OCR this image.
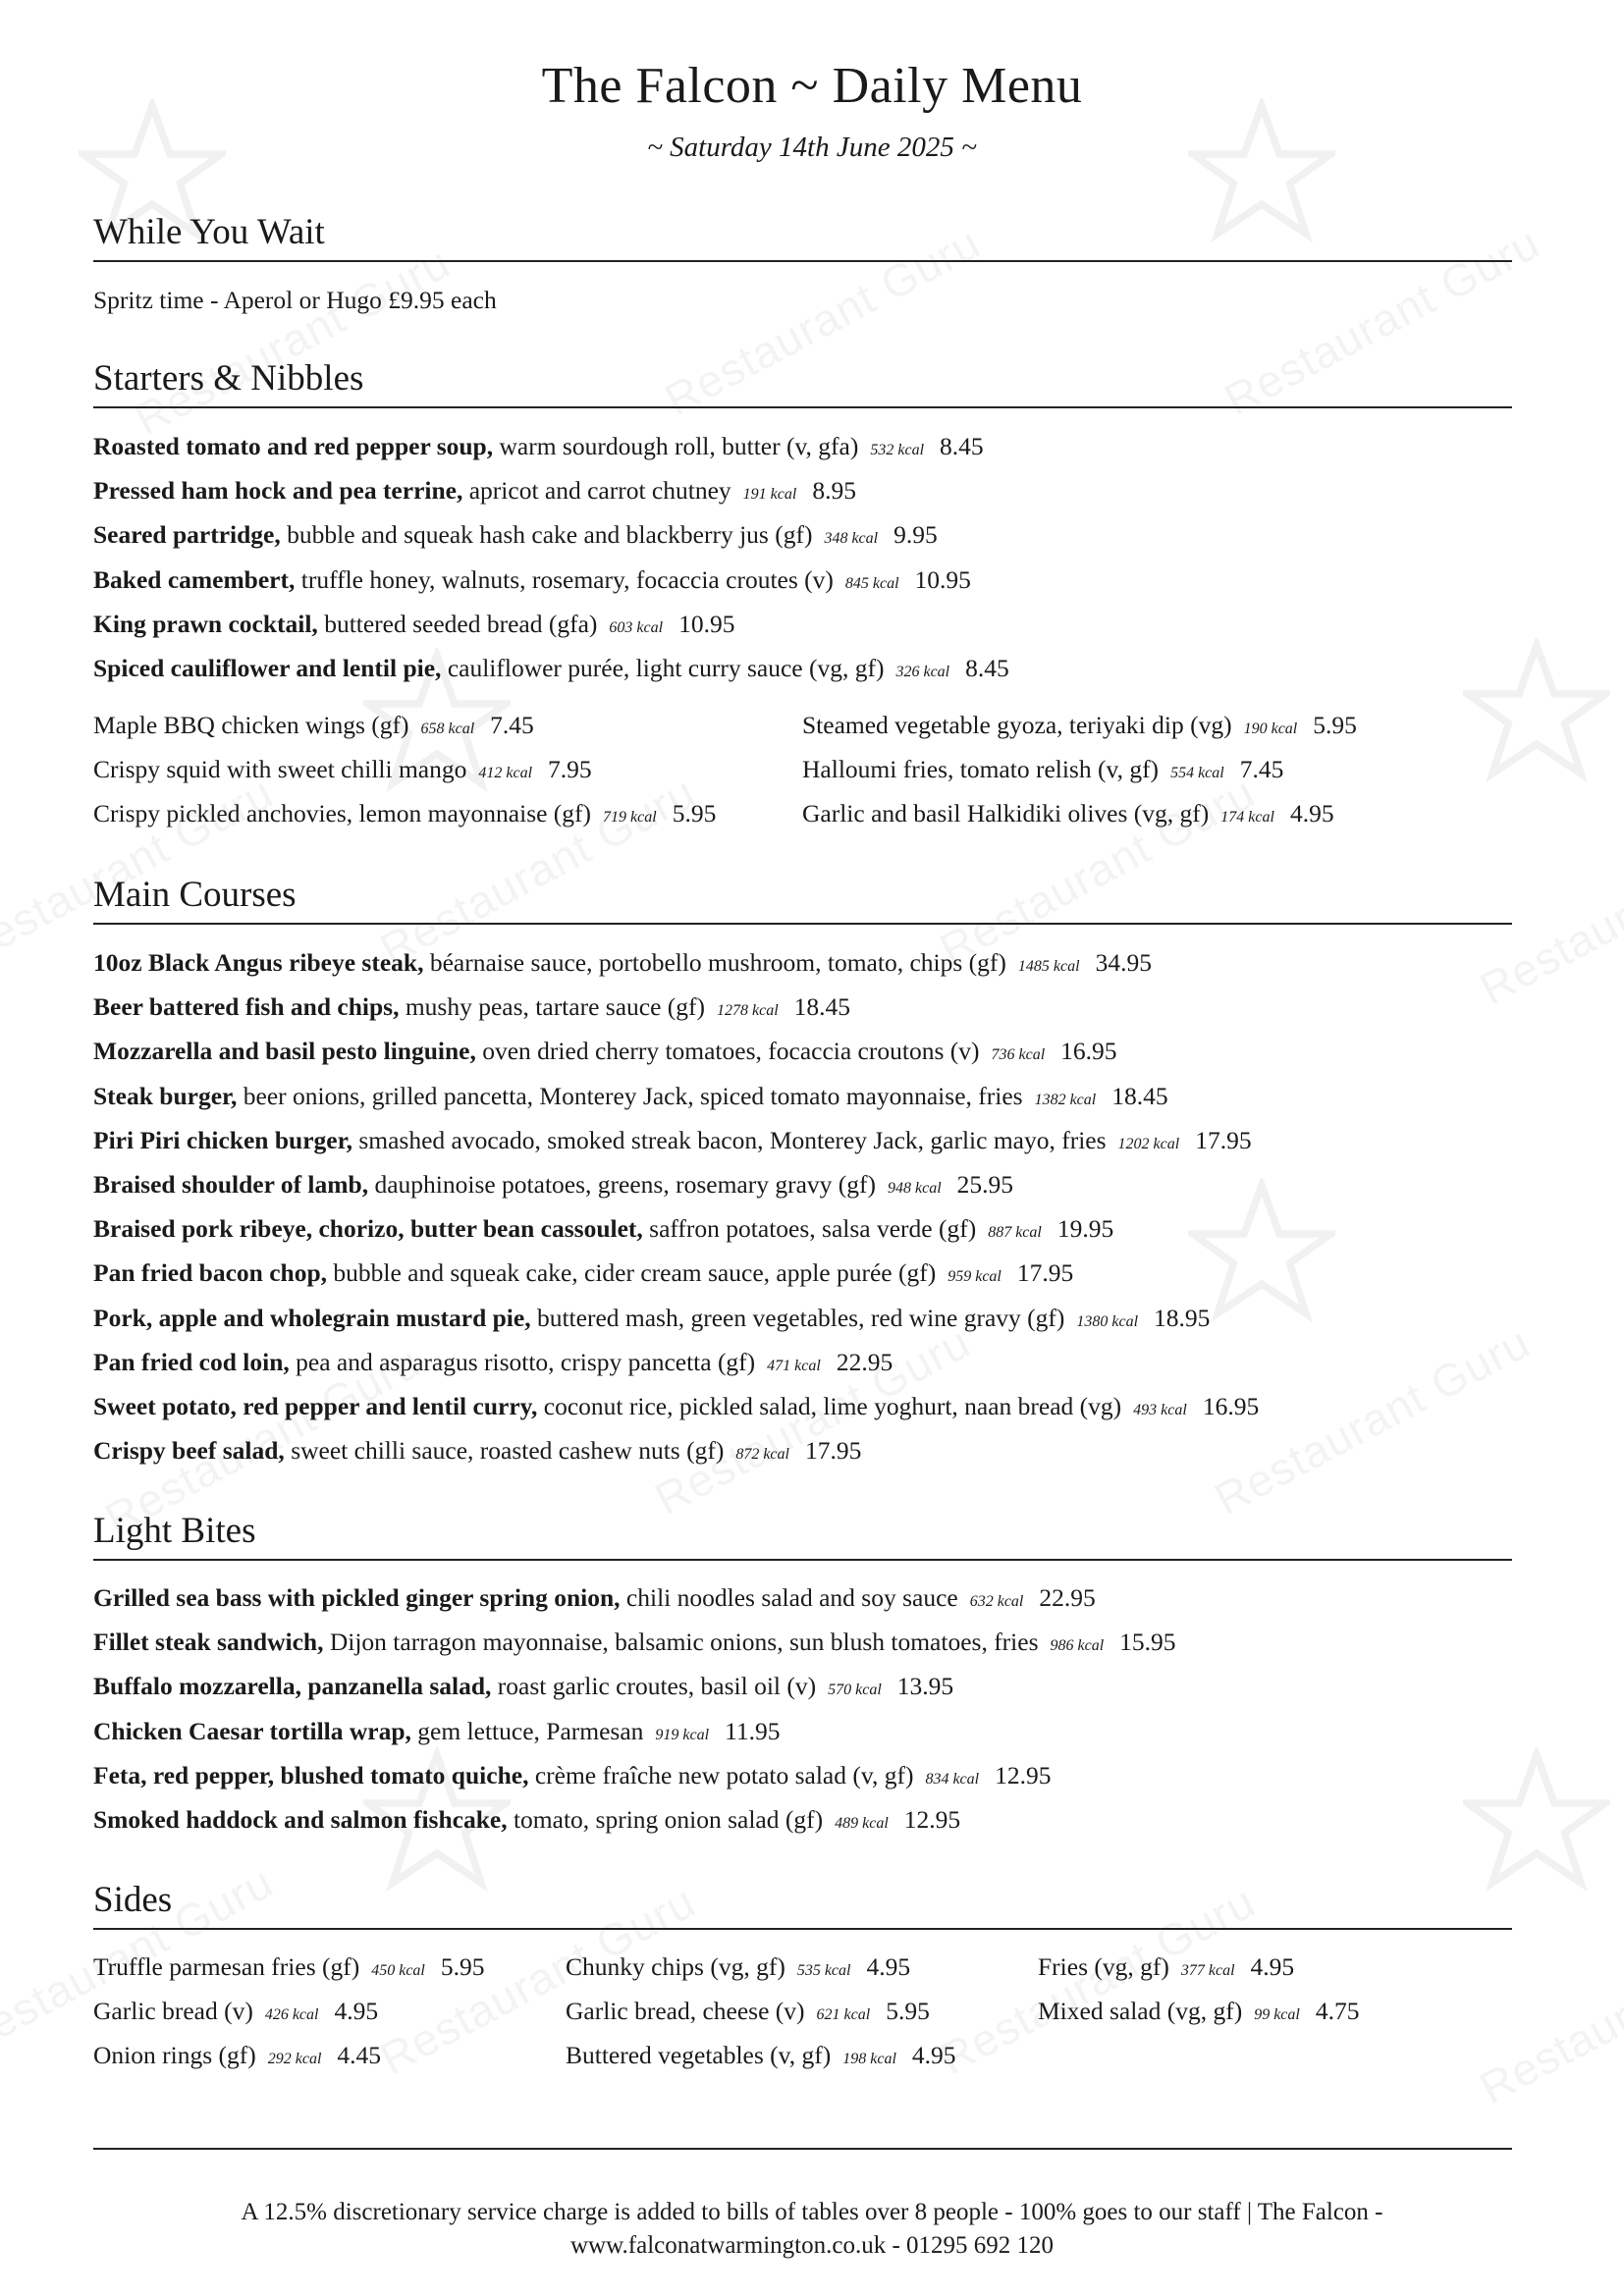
The Falcon ~ Daily Menu
~ Saturday 14th June 2025 ~
While You Wait
Spritz time - Aperol or Hugo £9.95 each
Starters & Nibbles
Roasted tomato and red pepper soup, warm sourdough roll, butter (v, gfa) 532 kcal 8.45
Pressed ham hock and pea terrine, apricot and carrot chutney 191 kcal 8.95
Seared partridge, bubble and squeak hash cake and blackberry jus (gf) 348 kcal 9.95
Baked camembert, truffle honey, walnuts, rosemary, focaccia croutes (v) 845 kcal 10.95
King prawn cocktail, buttered seeded bread (gfa) 603 kcal 10.95
Spiced cauliflower and lentil pie, cauliflower purée, light curry sauce (vg, gf) 326 kcal 8.45
Maple BBQ chicken wings (gf) 658 kcal 7.45
Crispy squid with sweet chilli mango 412 kcal 7.95
Crispy pickled anchovies, lemon mayonnaise (gf) 719 kcal 5.95
Steamed vegetable gyoza, teriyaki dip (vg) 190 kcal 5.95
Halloumi fries, tomato relish (v, gf) 554 kcal 7.45
Garlic and basil Halkidiki olives (vg, gf) 174 kcal 4.95
Main Courses
10oz Black Angus ribeye steak, béarnaise sauce, portobello mushroom, tomato, chips (gf) 1485 kcal 34.95
Beer battered fish and chips, mushy peas, tartare sauce (gf) 1278 kcal 18.45
Mozzarella and basil pesto linguine, oven dried cherry tomatoes, focaccia croutons (v) 736 kcal 16.95
Steak burger, beer onions, grilled pancetta, Monterey Jack, spiced tomato mayonnaise, fries 1382 kcal 18.45
Piri Piri chicken burger, smashed avocado, smoked streak bacon, Monterey Jack, garlic mayo, fries 1202 kcal 17.95
Braised shoulder of lamb, dauphinoise potatoes, greens, rosemary gravy (gf) 948 kcal 25.95
Braised pork ribeye, chorizo, butter bean cassoulet, saffron potatoes, salsa verde (gf) 887 kcal 19.95
Pan fried bacon chop, bubble and squeak cake, cider cream sauce, apple purée (gf) 959 kcal 17.95
Pork, apple and wholegrain mustard pie, buttered mash, green vegetables, red wine gravy (gf) 1380 kcal 18.95
Pan fried cod loin, pea and asparagus risotto, crispy pancetta (gf) 471 kcal 22.95
Sweet potato, red pepper and lentil curry, coconut rice, pickled salad, lime yoghurt, naan bread (vg) 493 kcal 16.95
Crispy beef salad, sweet chilli sauce, roasted cashew nuts (gf) 872 kcal 17.95
Light Bites
Grilled sea bass with pickled ginger spring onion, chili noodles salad and soy sauce 632 kcal 22.95
Fillet steak sandwich, Dijon tarragon mayonnaise, balsamic onions, sun blush tomatoes, fries 986 kcal 15.95
Buffalo mozzarella, panzanella salad, roast garlic croutes, basil oil (v) 570 kcal 13.95
Chicken Caesar tortilla wrap, gem lettuce, Parmesan 919 kcal 11.95
Feta, red pepper, blushed tomato quiche, crème fraîche new potato salad (v, gf) 834 kcal 12.95
Smoked haddock and salmon fishcake, tomato, spring onion salad (gf) 489 kcal 12.95
Sides
Truffle parmesan fries (gf) 450 kcal 5.95
Garlic bread (v) 426 kcal 4.95
Onion rings (gf) 292 kcal 4.45
Chunky chips (vg, gf) 535 kcal 4.95
Garlic bread, cheese (v) 621 kcal 5.95
Buttered vegetables (v, gf) 198 kcal 4.95
Fries (vg, gf) 377 kcal 4.95
Mixed salad (vg, gf) 99 kcal 4.75
A 12.5% discretionary service charge is added to bills of tables over 8 people - 100% goes to our staff | The Falcon -
www.falconatwarmington.co.uk - 01295 692 120
